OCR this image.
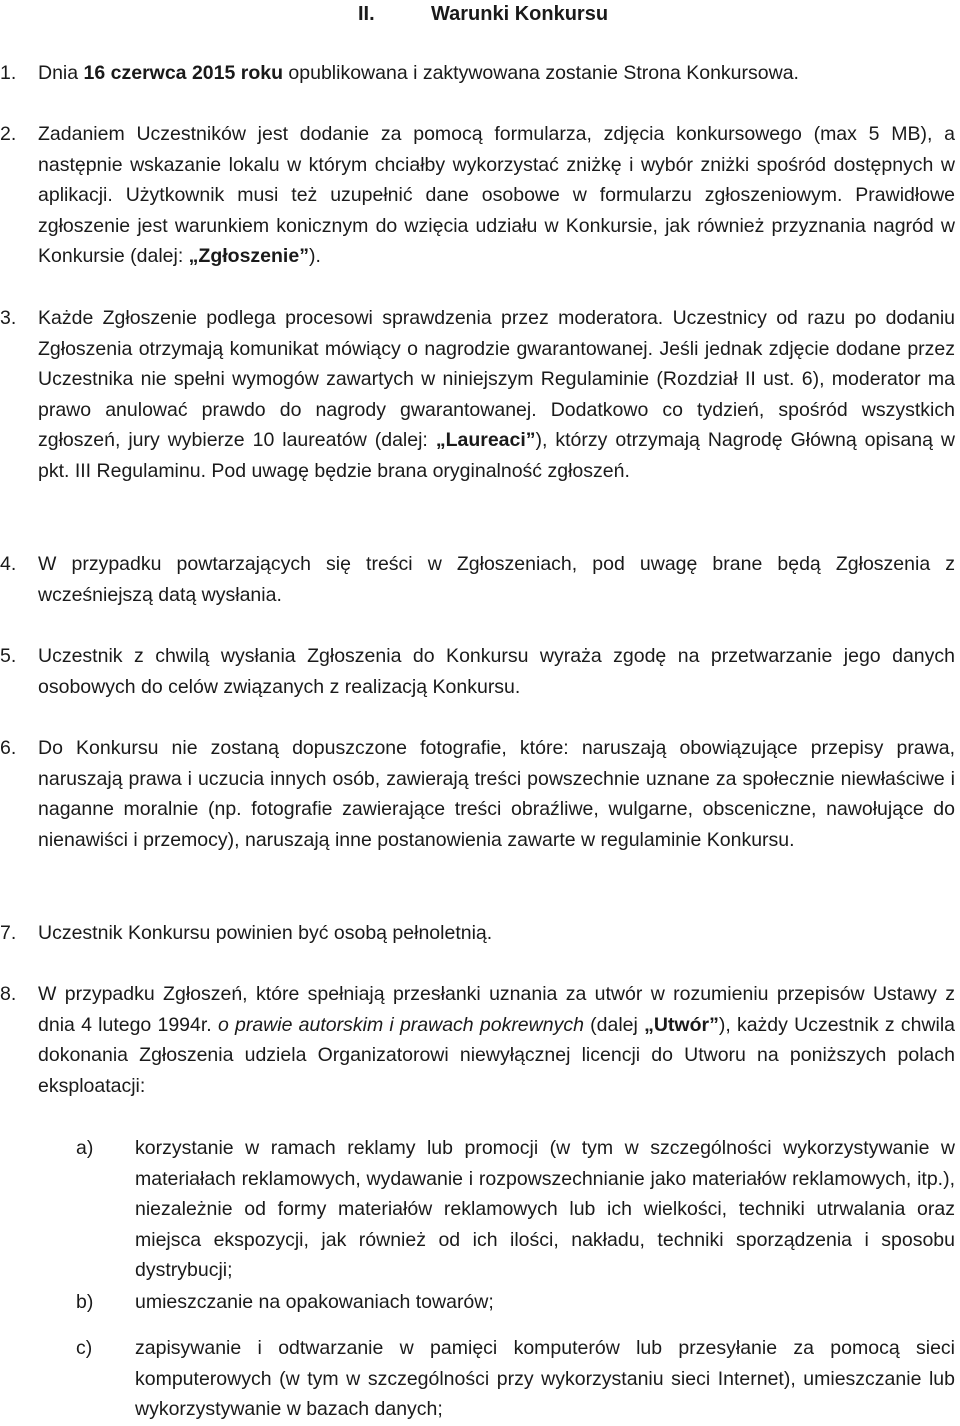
II.	Warunki Konkursu
1. Dnia 16 czerwca 2015 roku opublikowana i zaktywowana zostanie Strona Konkursowa.
2. Zadaniem Uczestników jest dodanie za pomocą formularza, zdjęcia konkursowego (max 5 MB), a następnie wskazanie lokalu w którym chciałby wykorzystać zniżkę i wybór zniżki spośród dostępnych w aplikacji. Użytkownik musi też uzupełnić dane osobowe w formularzu zgłoszeniowym. Prawidłowe zgłoszenie jest warunkiem konicznym do wzięcia udziału w Konkursie, jak również przyznania nagród w Konkursie (dalej: „Zgłoszenie”).
3. Każde Zgłoszenie podlega procesowi sprawdzenia przez moderatora. Uczestnicy od razu po dodaniu Zgłoszenia otrzymają komunikat mówiący o nagrodzie gwarantowanej. Jeśli jednak zdjęcie dodane przez Uczestnika nie spełni wymogów zawartych w niniejszym Regulaminie (Rozdział II ust. 6), moderator ma prawo anulować prawdo do nagrody gwarantowanej. Dodatkowo co tydzień, spośród wszystkich zgłoszeń, jury wybierze 10 laureatów (dalej: „Laureaci”), którzy otrzymają Nagrodę Główną opisaną w pkt. III Regulaminu. Pod uwagę będzie brana oryginalność zgłoszeń.
4. W przypadku powtarzających się treści w Zgłoszeniach, pod uwagę brane będą Zgłoszenia z wcześniejszą datą wysłania.
5. Uczestnik z chwilą wysłania Zgłoszenia do Konkursu wyraża zgodę na przetwarzanie jego danych osobowych do celów związanych z realizacją Konkursu.
6. Do Konkursu nie zostaną dopuszczone fotografie, które: naruszają obowiązujące przepisy prawa, naruszają prawa i uczucia innych osób, zawierają treści powszechnie uznane za społecznie niewłaściwe i naganne moralnie (np. fotografie zawierające treści obraźliwe, wulgarne, obsceniczne, nawołujące do nienawiści i przemocy), naruszają inne postanowienia zawarte w regulaminie Konkursu.
7. Uczestnik Konkursu powinien być osobą pełnoletnią.
8. W przypadku Zgłoszeń, które spełniają przesłanki uznania za utwór w rozumieniu przepisów Ustawy z dnia 4 lutego 1994r. o prawie autorskim i prawach pokrewnych (dalej „Utwór”), każdy Uczestnik z chwila dokonania Zgłoszenia udziela Organizatorowi niewyłącznej licencji do Utworu na poniższych polach eksploatacji:
a) korzystanie w ramach reklamy lub promocji (w tym w szczególności wykorzystywanie w materiałach reklamowych, wydawanie i rozpowszechnianie jako materiałów reklamowych, itp.), niezależnie od formy materiałów reklamowych lub ich wielkości, techniki utrwalania oraz miejsca ekspozycji, jak również od ich ilości, nakładu, techniki sporządzenia i sposobu dystrybucji;
b) umieszczanie na opakowaniach towarów;
c) zapisywanie i odtwarzanie w pamięci komputerów lub przesyłanie za pomocą sieci komputerowych (w tym w szczególności przy wykorzystaniu sieci Internet), umieszczanie lub wykorzystywanie w bazach danych;
